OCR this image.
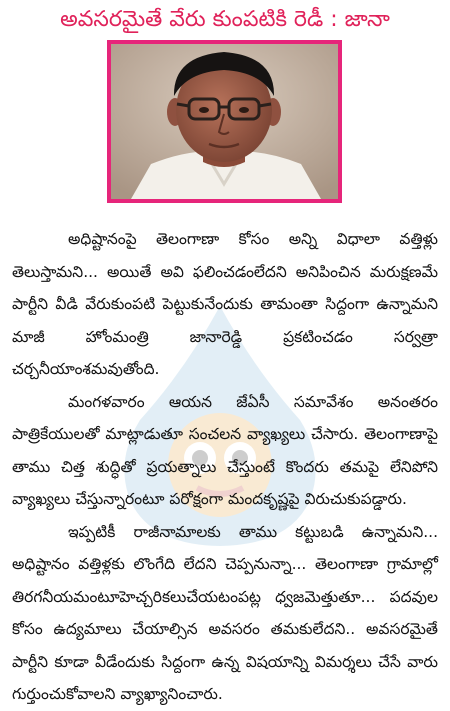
అవసరమైతే వేరు కుంపటికి రెడీ : జానా

అధిష్టానంపై తెలంగాణా కోసం అన్ని విధాలా వత్తిళ్లు తెలుస్తామని... అయితే అవి ఫలించడంలేదని అనిపించిన మరుక్షణమే పార్టీని వీడి వేరుకుంపటి పెట్టుకునేందుకు తామంతా సిద్దంగా ఉన్నామని మాజీ హోంమంత్రి జానారెడ్డి ప్రకటించడం సర్వత్రా చర్చనీయాంశమవుతోంది.

మంగళవారం ఆయన జేఏసీ సమావేశం అనంతరం పాత్రికేయులతో మాట్లాడుతూ సంచలన వ్యాఖ్యలు చేసారు. తెలంగాణాపై తాము చిత్త శుద్ధితో ప్రయత్నాలు చేస్తుంటే కొందరు తమపై లేనిపోని వ్యాఖ్యలు చేస్తున్నారంటూ పరోక్షంగా మందకృష్ణపై విరుచుకుపడ్డారు.

ఇప్పటికీ రాజీనామాలకు తాము కట్టుబడి ఉన్నామని... అధిష్టానం వత్తిళ్లకు లొంగేది లేదని చెప్పనున్నా... తెలంగాణా గ్రామాల్లో తిరగనీయమంటూహెచ్చరికలుచేయటంపట్ల ధ్వజమెత్తుతూ... పదవుల కోసం ఉద్యమాలు చేయాల్సిన అవసరం తమకులేదని.. అవసరమైతే పార్టీని కూడా వీడేందుకు సిద్దంగా ఉన్న విషయాన్ని విమర్శలు చేసే వారు గుర్తుంచుకోవాలని వ్యాఖ్యానించారు.
